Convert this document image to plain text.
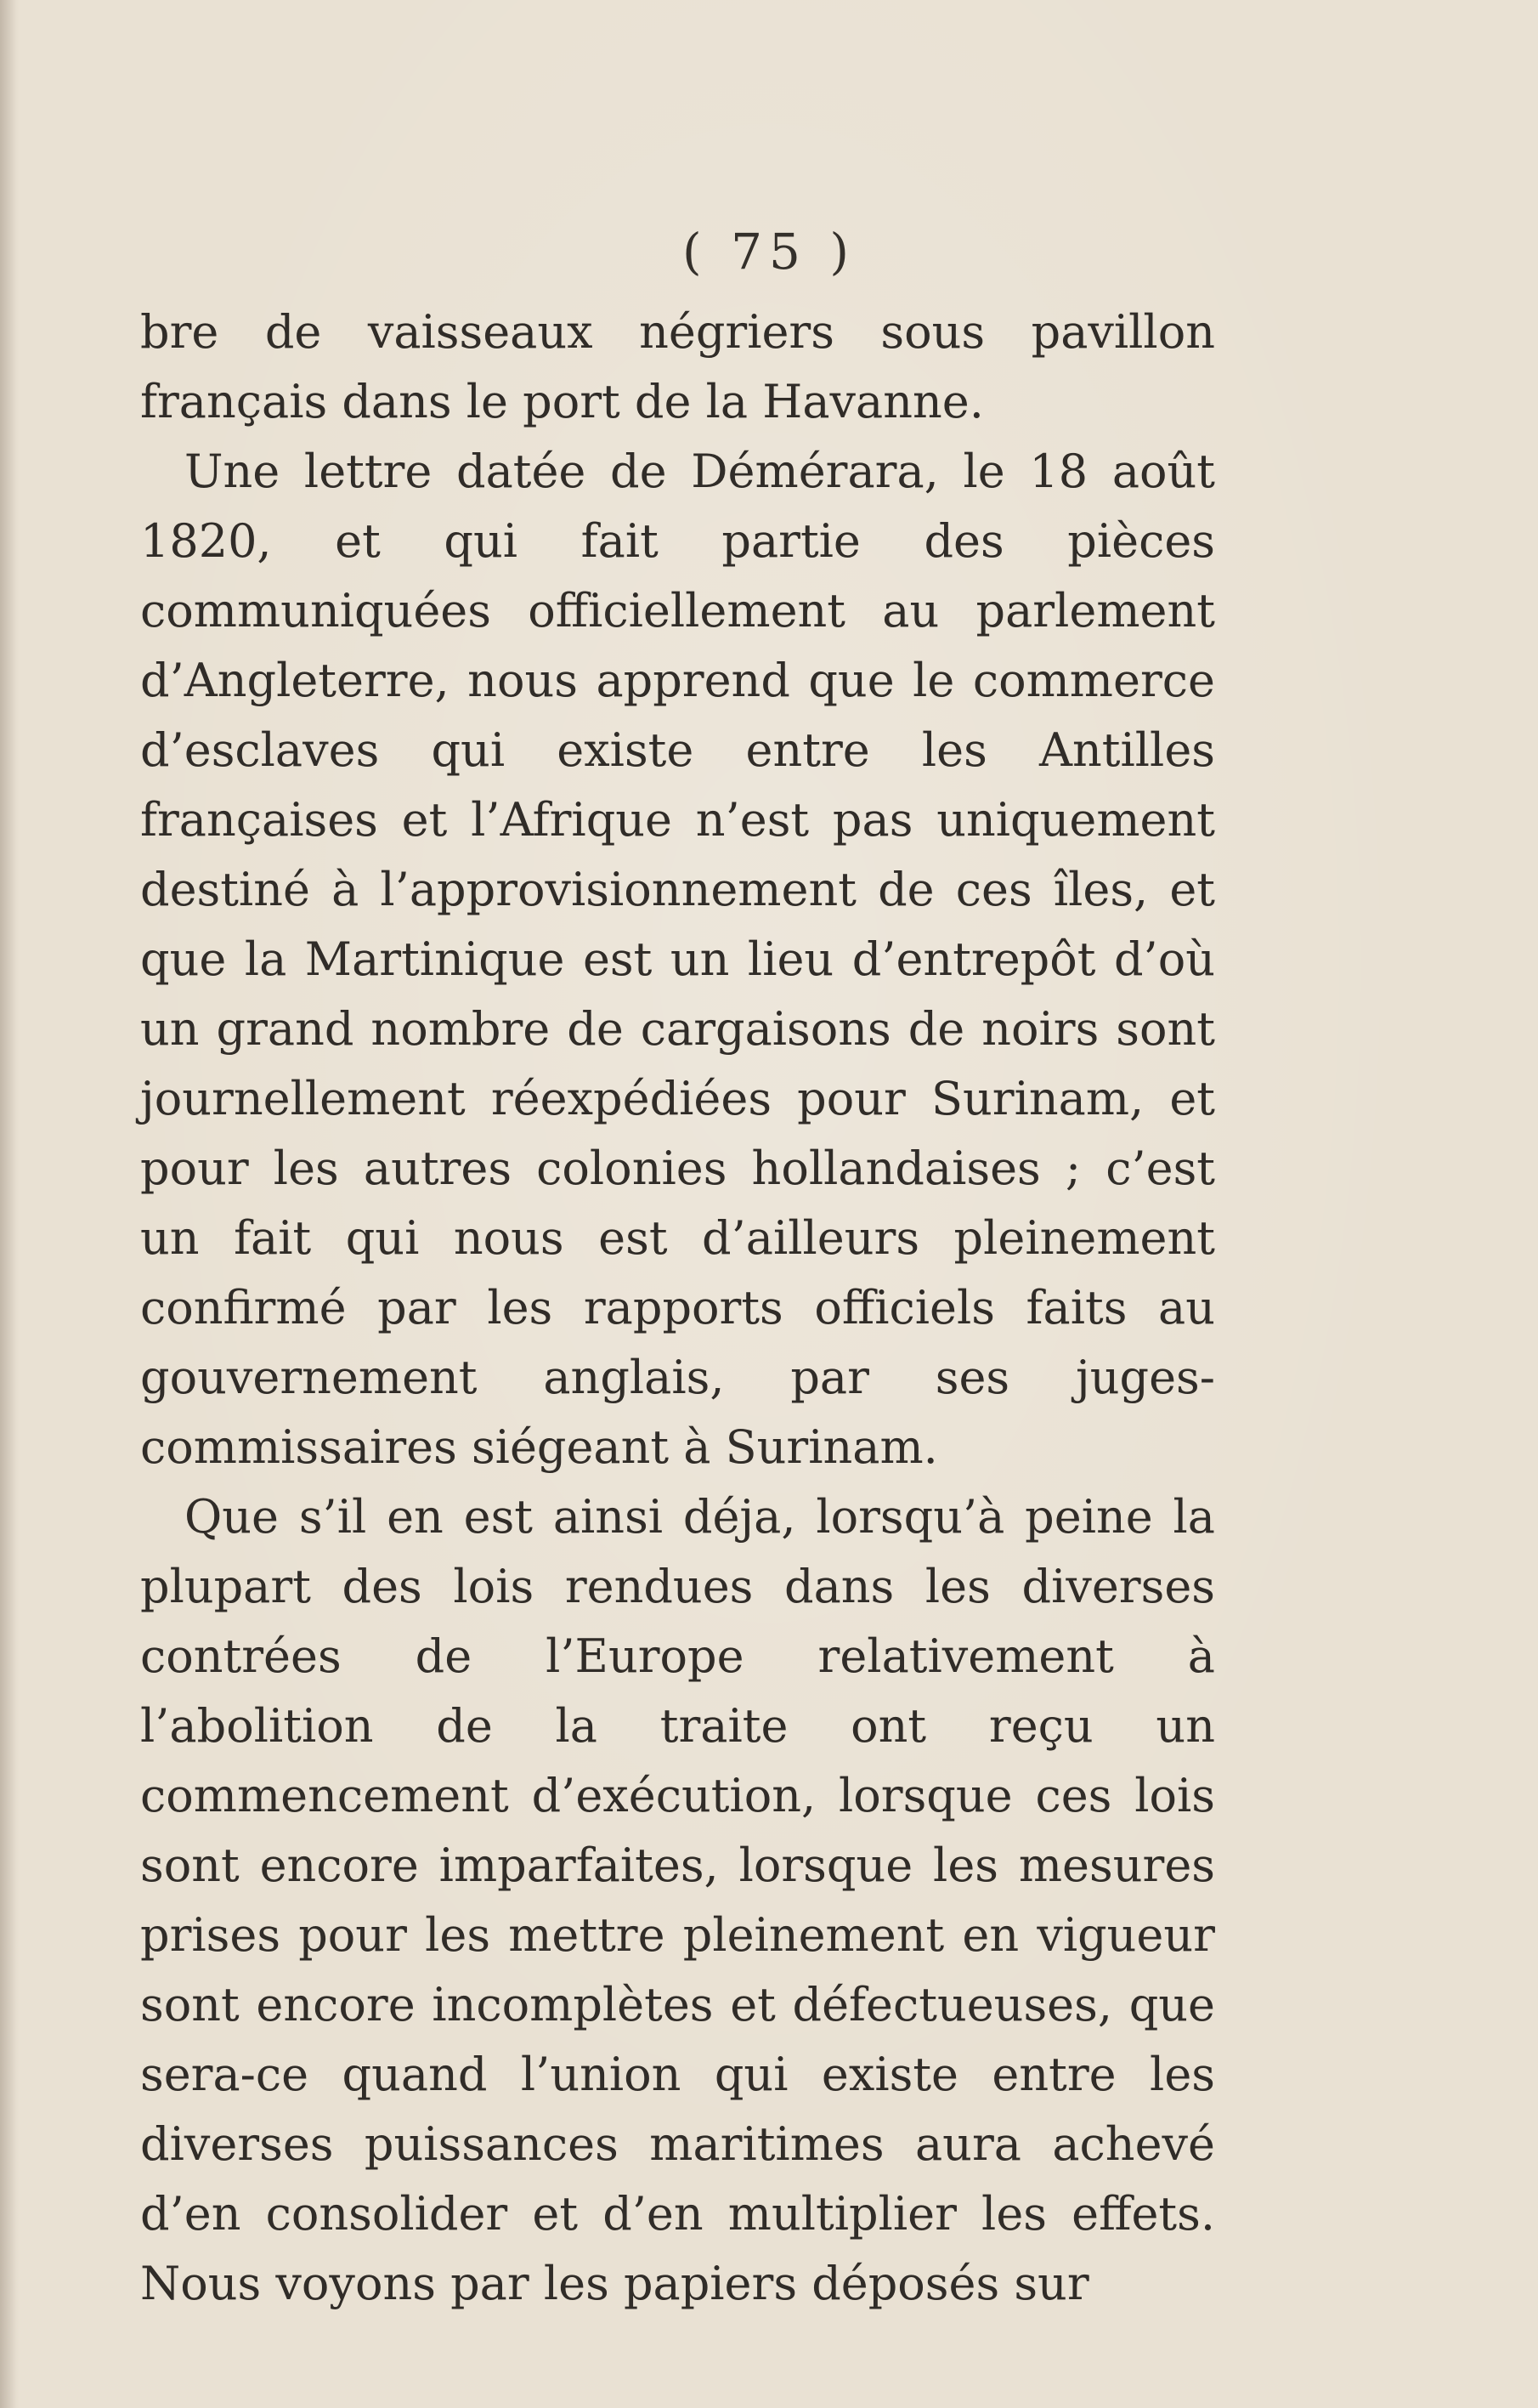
( 75 )

bre de vaisseaux négriers sous pavillon français dans le port de la Havanne.

Une lettre datée de Démérara, le 18 août 1820, et qui fait partie des pièces communiquées officiellement au parlement d’Angleterre, nous apprend que le commerce d’esclaves qui existe entre les Antilles françaises et l’Afrique n’est pas uniquement destiné à l’approvisionnement de ces îles, et que la Martinique est un lieu d’entrepôt d’où un grand nombre de cargaisons de noirs sont journellement réexpédiées pour Surinam, et pour les autres colonies hollandaises ; c’est un fait qui nous est d’ailleurs pleinement confirmé par les rapports officiels faits au gouvernement anglais, par ses juges-commissaires siégeant à Surinam.

Que s’il en est ainsi déja, lorsqu’à peine la plupart des lois rendues dans les diverses contrées de l’Europe relativement à l’abolition de la traite ont reçu un commencement d’exécution, lorsque ces lois sont encore imparfaites, lorsque les mesures prises pour les mettre pleinement en vigueur sont encore incomplètes et défectueuses, que sera-ce quand l’union qui existe entre les diverses puissances maritimes aura achevé d’en consolider et d’en multiplier les effets. Nous voyons par les papiers déposés sur
